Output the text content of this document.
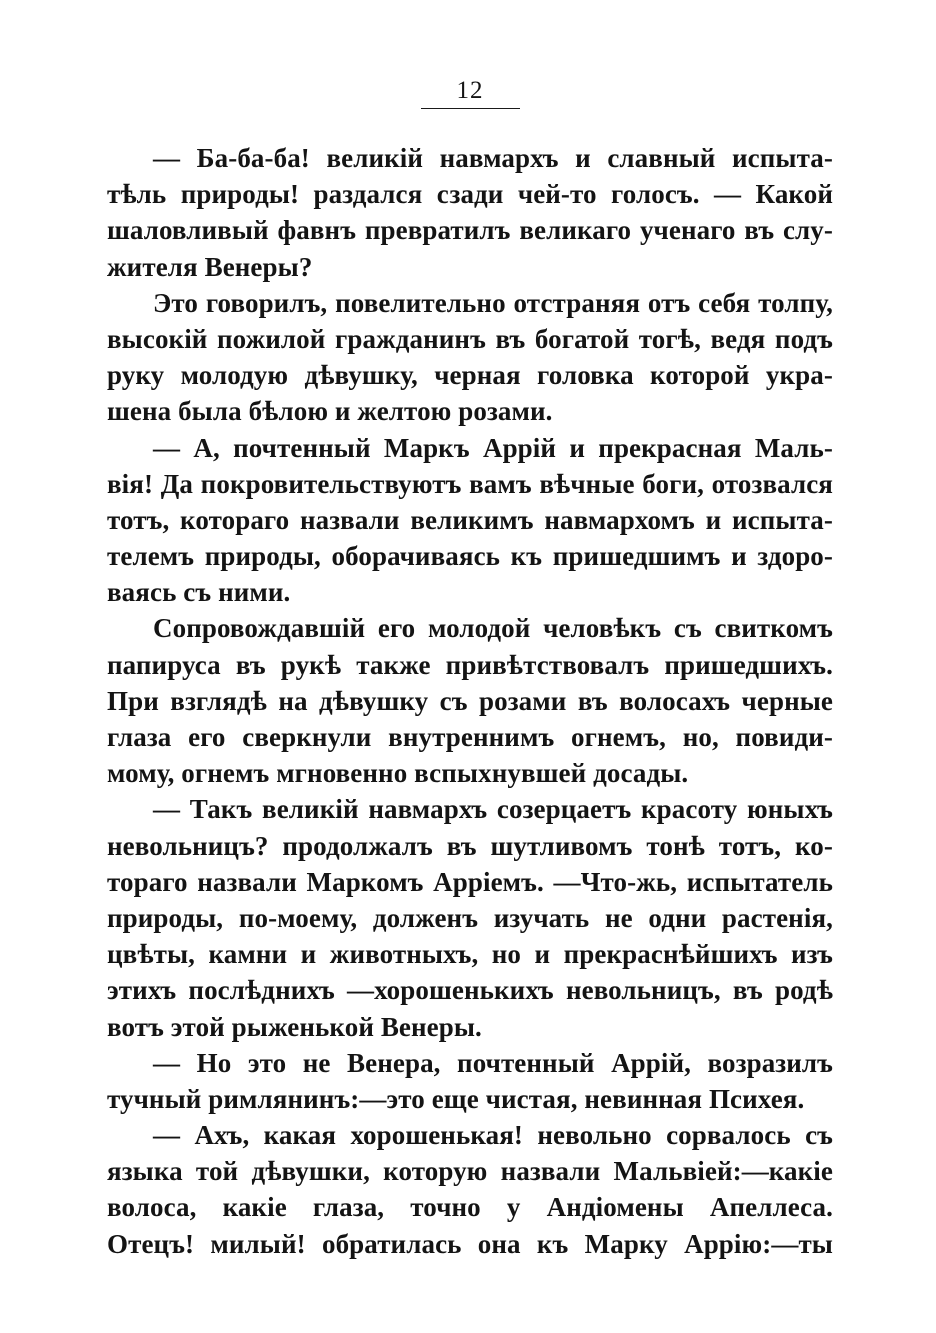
12
— Ба-ба-ба! великій навмархъ и славный испыта-
тѣль природы! раздался сзади чей-то голосъ. — Какой
шаловливый фавнъ превратилъ великаго ученаго въ слу-
жителя Венеры?
Это говорилъ, повелительно отстраняя отъ себя толпу,
высокій пожилой гражданинъ въ богатой тогѣ, ведя подъ
руку молодую дѣвушку, черная головка которой укра-
шена была бѣлою и желтою розами.
— А, почтенный Маркъ Аррій и прекрасная Маль-
вія! Да покровительствуютъ вамъ вѣчные боги, отозвался
тотъ, котораго назвали великимъ навмархомъ и испыта-
телемъ природы, оборачиваясь къ пришедшимъ и здоро-
ваясь съ ними.
Сопровождавшій его молодой человѣкъ съ свиткомъ
папируса въ рукѣ также привѣтствовалъ пришедшихъ.
При взглядѣ на дѣвушку съ розами въ волосахъ черные
глаза его сверкнули внутреннимъ огнемъ, но, повиди-
мому, огнемъ мгновенно вспыхнувшей досады.
— Такъ великій навмархъ созерцаетъ красоту юныхъ
невольницъ? продолжалъ въ шутливомъ тонѣ тотъ, ко-
тораго назвали Маркомъ Арріемъ. —Что-жь, испытатель
природы, по-моему, долженъ изучать не одни растенія,
цвѣты, камни и животныхъ, но и прекраснѣйшихъ изъ
этихъ послѣднихъ —хорошенькихъ невольницъ, въ родѣ
вотъ этой рыженькой Венеры.
— Но это не Венера, почтенный Аррій, возразилъ
тучный римлянинъ:—это еще чистая, невинная Психея.
— Ахъ, какая хорошенькая! невольно сорвалось съ
языка той дѣвушки, которую назвали Мальвіей:—какіе
волоса, какіе глаза, точно у Андіомены Апеллеса.
Отецъ! милый! обратилась она къ Марку Аррію:—ты
